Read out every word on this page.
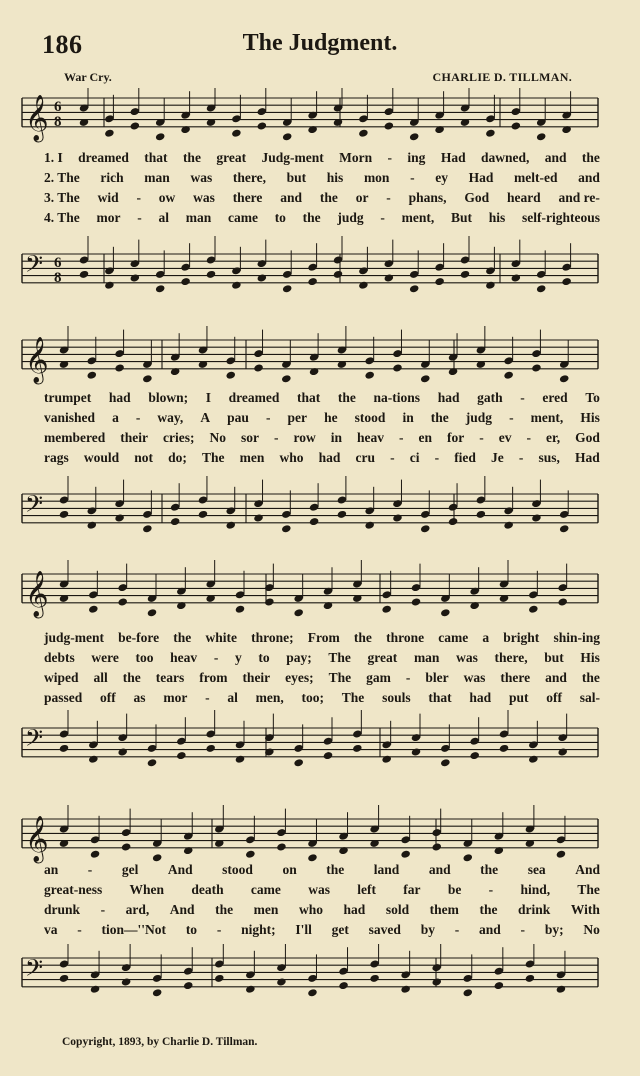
186	The Judgment.
War Cry.	CHARLIE D. TILLMAN.
𝄞 6
8
𝄢 6
8
1. I dreamed that the great Judg-ment Morn - ing Had dawned, and the
2. The rich man was there, but his mon - ey Had melt-ed and
3. The wid - ow was there and the or - phans, God heard and re-
4. The mor - al man came to the judg - ment, But his self-righteous
𝄞
𝄢
trumpet had blown; I dreamed that the na-tions had gath - ered To
vanished a - way, A pau - per he stood in the judg - ment, His
membered their cries; No sor - row in heav - en for - ev - er, God
rags would not do; The men who had cru - ci - fied Je - sus, Had
𝄞
𝄢
judg-ment be-fore the white throne; From the throne came a bright shin-ing
debts were too heav - y to pay; The great man was there, but His
wiped all the tears from their eyes; The gam - bler was there and the
passed off as mor - al men, too; The souls that had put off sal-
𝄞
𝄢
an - gel And stood on the land and the sea And
great-ness When death came was left far be - hind, The
drunk - ard, And the men who had sold them the drink With
va - tion—''Not to - night; I'll get saved by - and - by; No
Copyright, 1893, by Charlie D. Tillman.
